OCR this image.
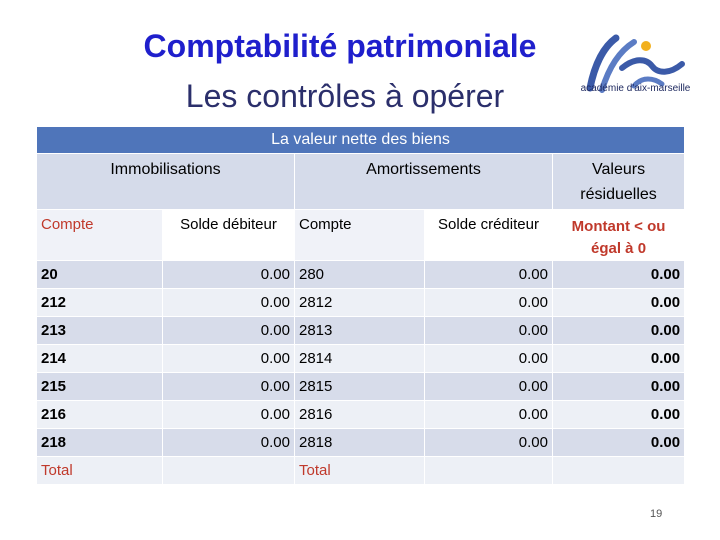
Comptabilité patrimoniale
Les contrôles à opérer	académie d'aix-marseille
La valeur nette des biens				
Immobilisations		Amortissements		Valeurs résiduelles
Compte	Solde débiteur	Compte	Solde créditeur	Montant < ou égal à 0
20	0.00	280	0.00	0.00
212	0.00	2812	0.00	0.00
213	0.00	2813	0.00	0.00
214	0.00	2814	0.00	0.00
215	0.00	2815	0.00	0.00
216	0.00	2816	0.00	0.00
218	0.00	2818	0.00	0.00
Total		Total		
19
